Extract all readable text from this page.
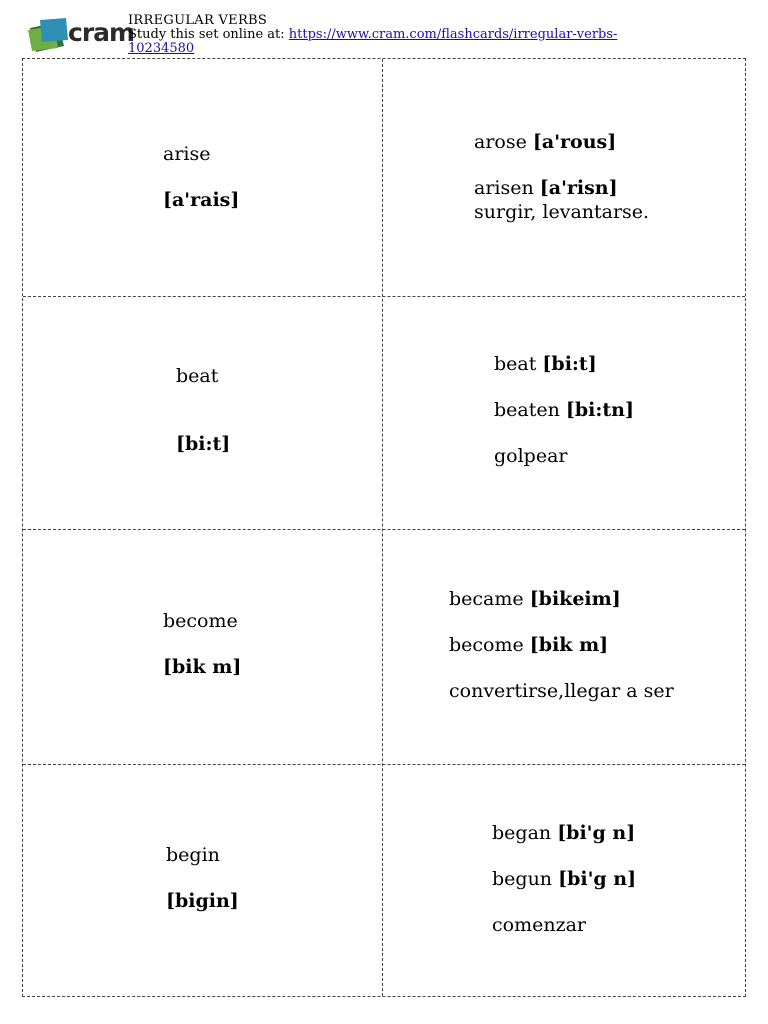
cram
IRREGULAR VERBS
Study this set online at: https://www.cram.com/flashcards/irregular-verbs-
10234580
arise
[a'rais]
arose [a'rous]
arisen [a'risn]
surgir, levantarse.
beat
[bi:t]
beat [bi:t]
beaten [bi:tn]
golpear
become
[bik m]
became [bikeim]
become [bik m]
convertirse,llegar a ser
begin
[bigin]
began [bi'g n]
begun [bi'g n]
comenzar
